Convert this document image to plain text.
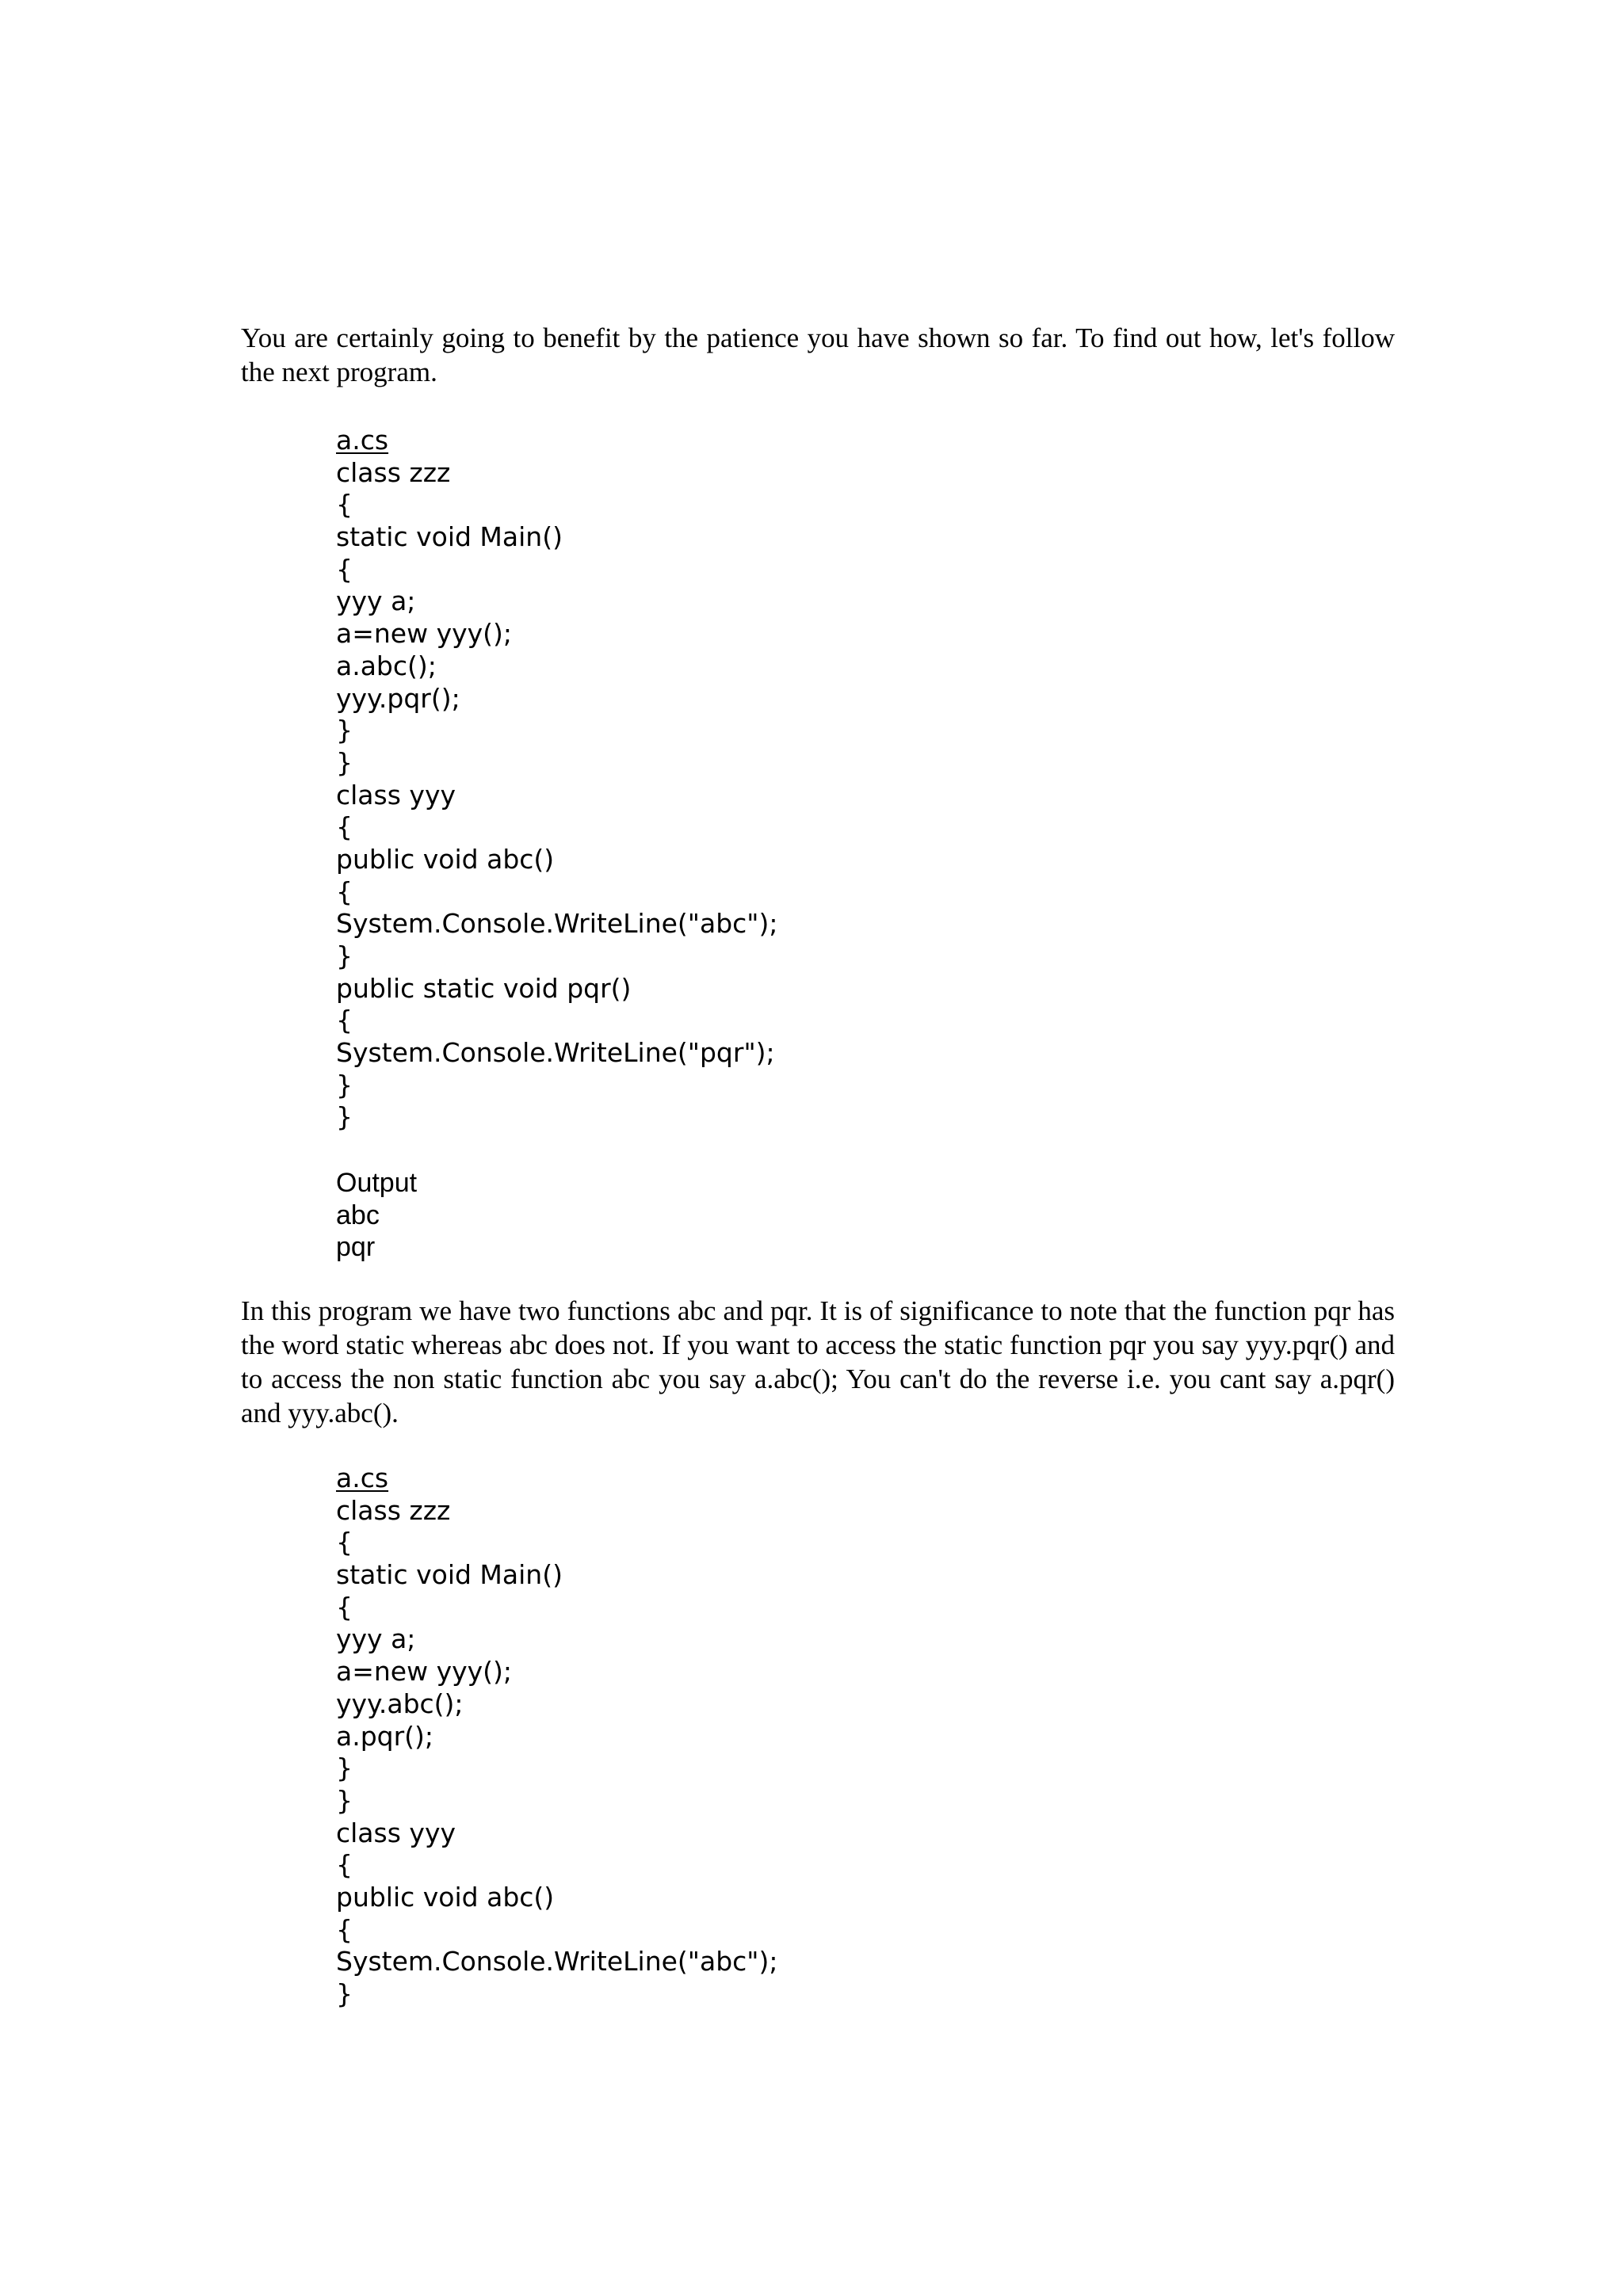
You are certainly going to benefit by the patience you have shown so far. To find out how, let's follow the next program.

a.cs
class zzz
{
static void Main()
{
yyy a;
a=new yyy();
a.abc();
yyy.pqr();
}
}
class yyy
{
public void abc()
{
System.Console.WriteLine("abc");
}
public static void pqr()
{
System.Console.WriteLine("pqr");
}
}
Output
abc
pqr

In this program we have two functions abc and pqr. It is of significance to note that the function pqr has the word static whereas abc does not. If you want to access the static function pqr you say yyy.pqr() and to access the non static function abc you say a.abc(); You can't do the reverse i.e. you cant say a.pqr() and yyy.abc().

a.cs
class zzz
{
static void Main()
{
yyy a;
a=new yyy();
yyy.abc();
a.pqr();
}
}
class yyy
{
public void abc()
{
System.Console.WriteLine("abc");
}
